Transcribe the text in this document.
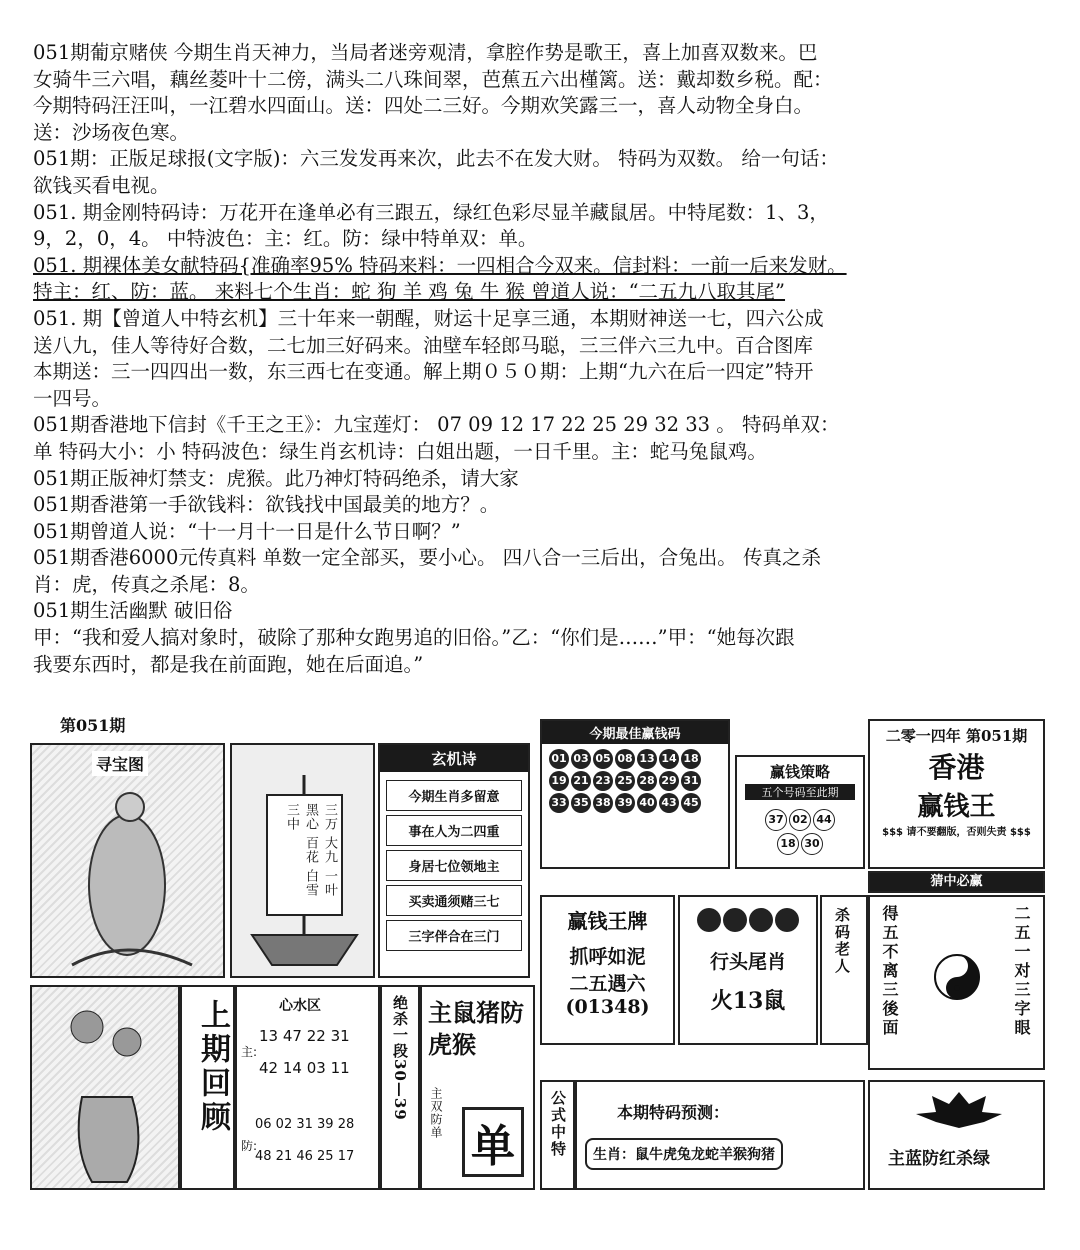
051期葡京赌侠 今期生肖天神力，当局者迷旁观清，拿腔作势是歌王，喜上加喜双数来。巴
女骑牛三六唱，藕丝菱叶十二傍，满头二八珠间翠，芭蕉五六出槿篱。送：戴却数乡税。配：
今期特码汪汪叫，一江碧水四面山。送：四处二三好。今期欢笑露三一，喜人动物全身白。
送：沙场夜色寒。
051期：正版足球报(文字版)：六三发发再来次，此去不在发大财。 特码为双数。 给一句话：
欲钱买看电视。
051. 期金刚特码诗：万花开在逢单必有三跟五，绿红色彩尽显羊藏鼠居。中特尾数：1、3，
9，2，0，4。 中特波色：主：红。防：绿中特单双：单。
051. 期裸体美女献特码{准确率95% 特码来料：一四相合今双来。信封料：一前一后来发财。
特主：红、防：蓝。 来料七个生肖：蛇 狗 羊 鸡 兔 牛 猴 曾道人说：“二五九八取其尾”
051. 期【曾道人中特玄机】三十年来一朝醒，财运十足享三通，本期财神送一七，四六公成
送八九，佳人等待好合数，二七加三好码来。油壁车轻郎马聪，三三伴六三九中。百合图库
本期送：三一四四出一数，东三西七在变通。解上期０５０期：上期“九六在后一四定”特开
一四号。
051期香港地下信封《千王之王》：九宝莲灯： 07 09 12 17 22 25 29 32 33 。 特码单双：
单 特码大小：小 特码波色：绿生肖玄机诗：白姐出题，一日千里。主：蛇马兔鼠鸡。
051期正版神灯禁支：虎猴。此乃神灯特码绝杀，请大家
051期香港第一手欲钱料：欲钱找中国最美的地方？。
051期曾道人说：“十一月十一日是什么节日啊？”
051期香港6000元传真料 单数一定全部买，要小心。 四八合一三后出，合兔出。 传真之杀
肖：虎，传真之杀尾：8。
051期生活幽默 破旧俗
甲：“我和爱人搞对象时，破除了那种女跑男追的旧俗。”乙：“你们是……”甲：“她每次跟
我要东西时，都是我在前面跑，她在后面追。”
第051期
寻宝图
上期回顾
三万 大九 一叶 黑心 百花 白雪 三中
玄机诗
今期生肖多留意
事在人为二四重
身居七位领地主
买卖通须赌三七
三字伴合在三门
心水区
主:
13 47 22 31
42 14 03 11
防:
06 02 31 39 28
48 21 46 25 17
绝杀一段30—39 主鼠猪防虎猴
主双防单
单
今期最佳赢钱码
01 03 05 08 13 14 18 19 21 23 25 28 29 31 33 35 38 39 40 43 45
赢钱策略
五个号码至此期
37 02 44
18 30
二零一四年 第051期
香港
赢钱王
$$$ 请不要翻版，否则失责 $$$
猜中必赢
赢钱王牌
抓呼如泥
二五遇六
(01348)
行头尾肖
火13鼠
杀码老人 得五不离三後面	二五一对三字眼
本期特码预测：
生肖：鼠牛虎兔龙蛇羊猴狗猪
公式中特
主蓝防红杀绿
